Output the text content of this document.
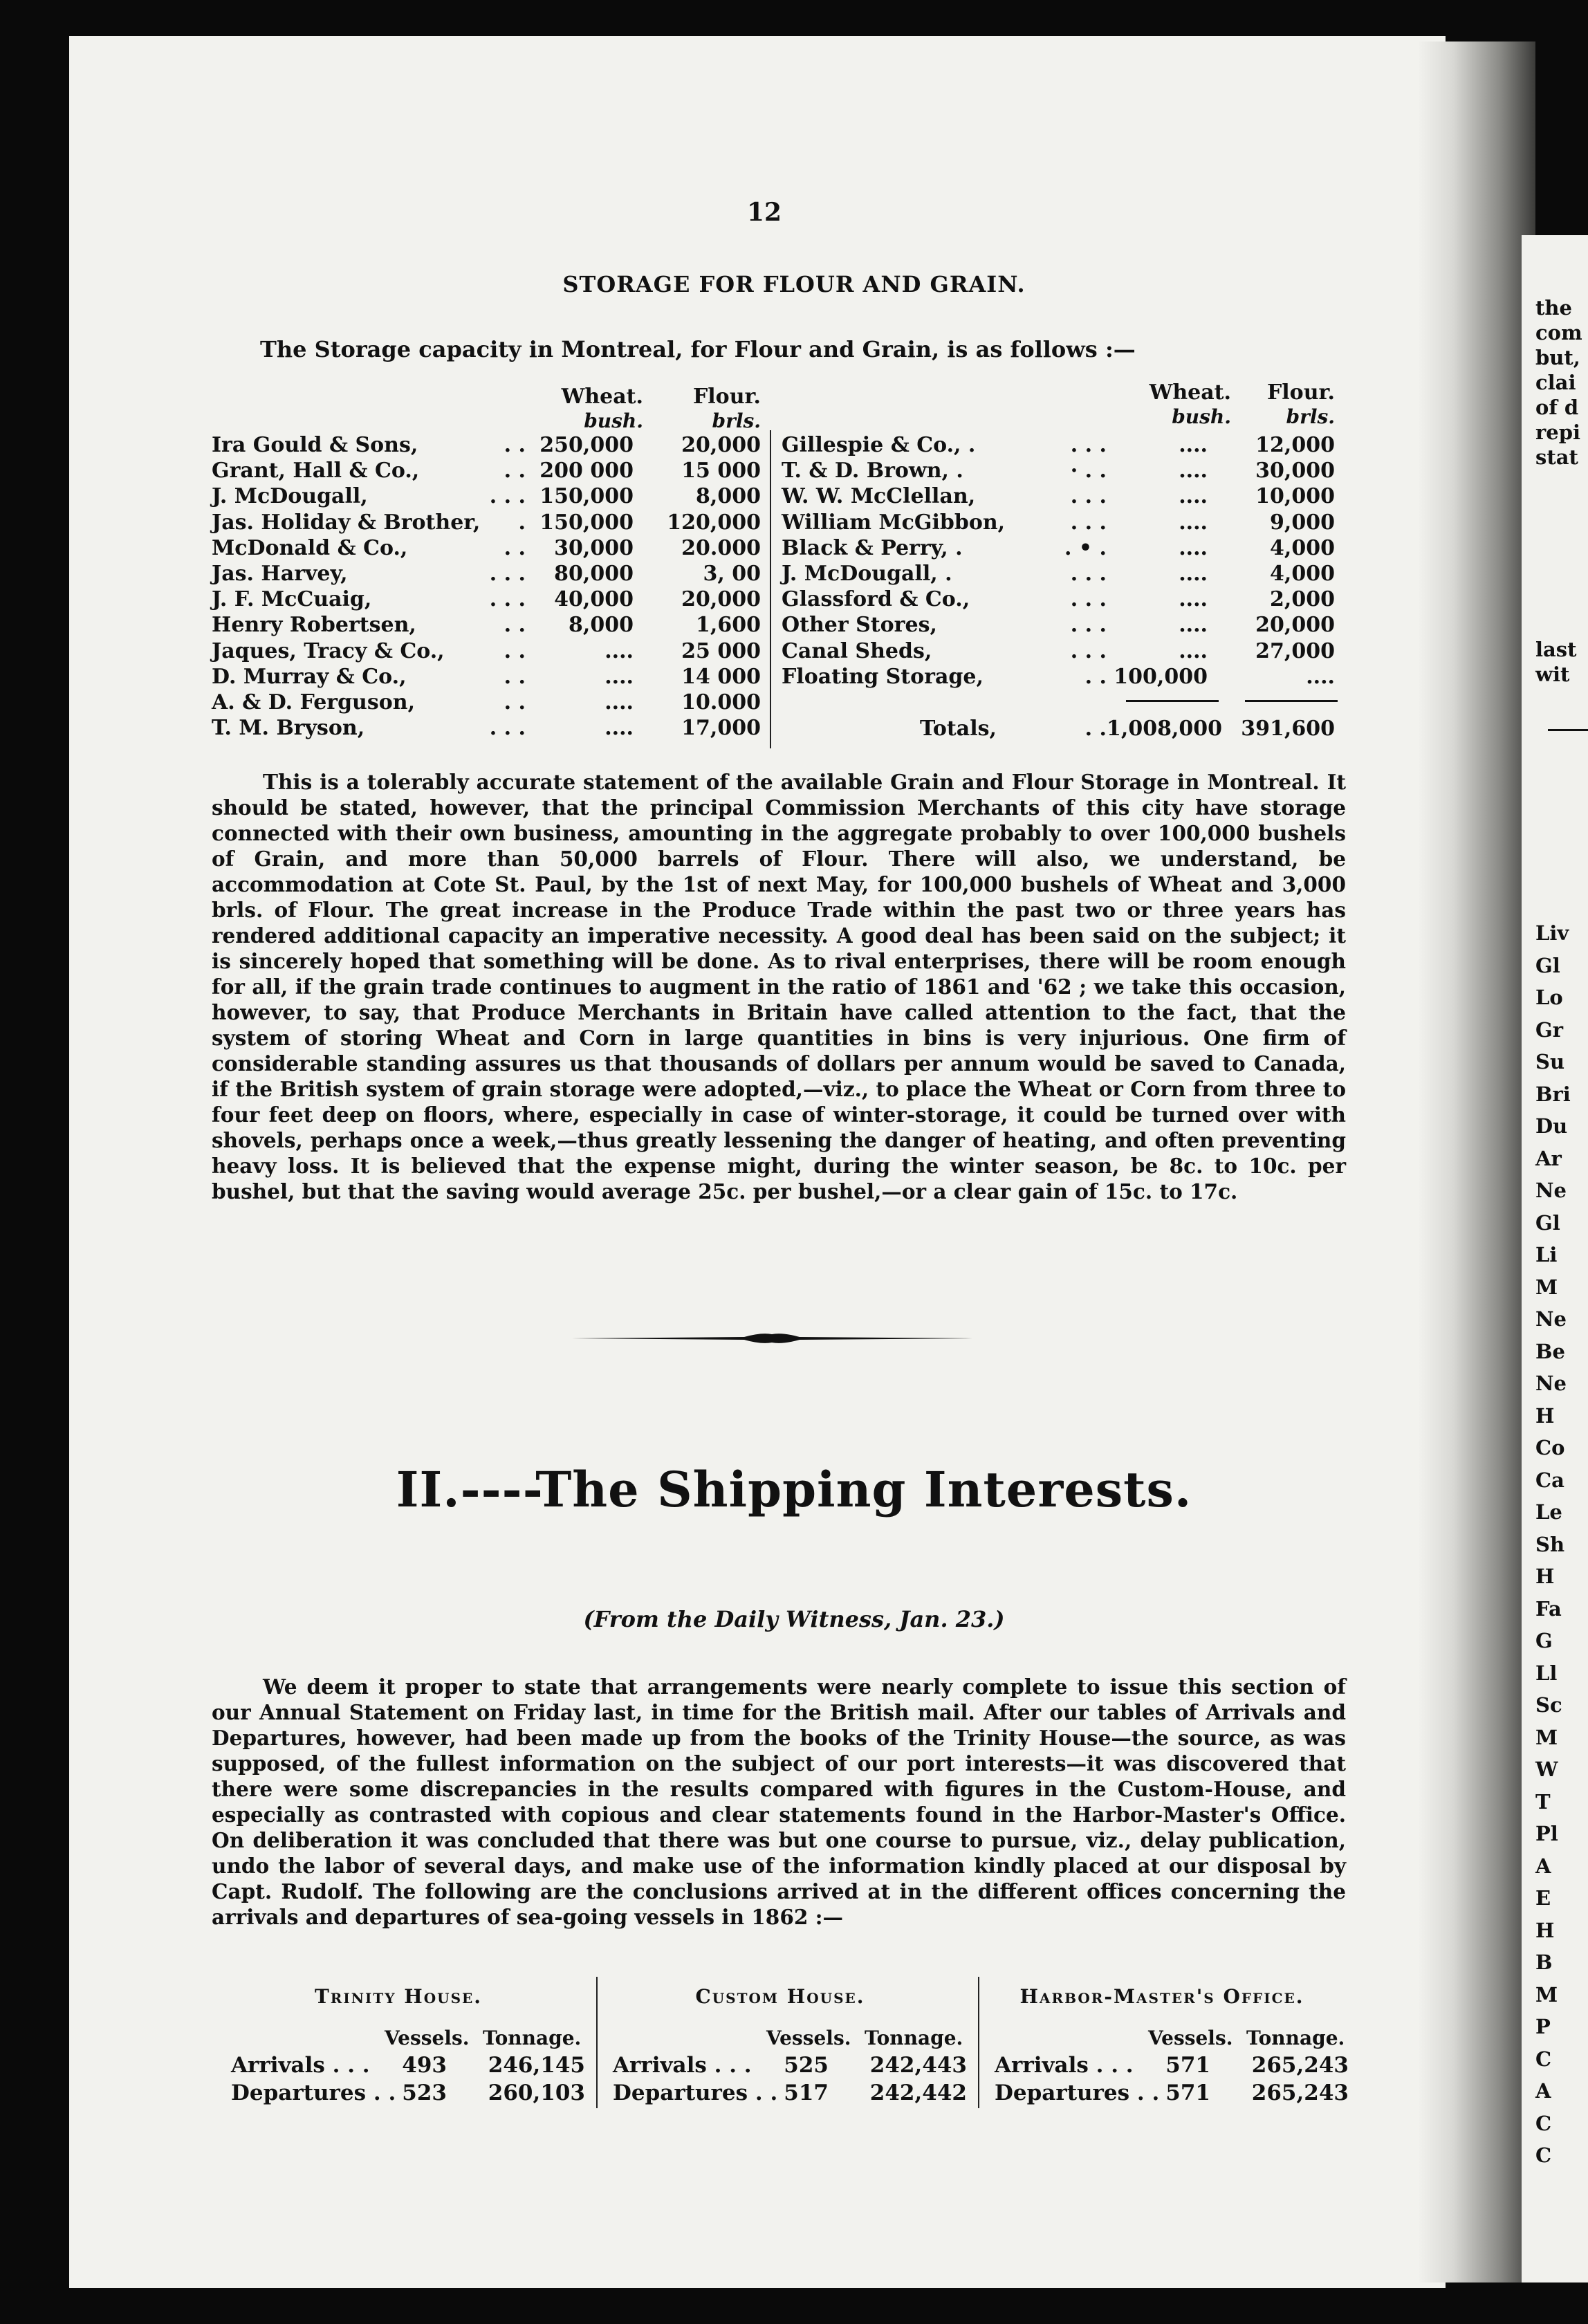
12
STORAGE FOR FLOUR AND GRAIN.
The Storage capacity in Montreal, for Flour and Grain, is as follows :—
Wheat.
bush.
Flour.
brls.
Wheat.
bush.
Flour.
brls.
Ira Gould & Sons,	. . 250,000	20,000
Grant, Hall & Co.,	. . 200 000	15 000
J. McDougall,	. . . 150,000	8,000
Jas. Holiday & Brother,	. 150,000	120,000
McDonald & Co.,	. .	30,000	20.000
Jas. Harvey,	. . .	80,000	3, 00
J. F. McCuaig,	. . .	40,000	20,000
Henry Robertsen,	. .	8,000	1,600
Jaques, Tracy & Co.,	. .	....	25 000
D. Murray & Co.,	. .	....	14 000
A. & D. Ferguson,	. .	....	10.000
T. M. Bryson,	. . .	....	17,000
Gillespie & Co., .	. . .	....	12,000
T. & D. Brown, .	· . .	....	30,000
W. W. McClellan,	. . .	....	10,000
William McGibbon,	. . .	....	9,000
Black & Perry, .	. • .	....	4,000
J. McDougall, .	. . .	....	4,000
Glassford & Co.,	. . .	....	2,000
Other Stores,	. . .	....	20,000
Canal Sheds,	. . .	....	27,000
Floating Storage,	. . 100,000	....
Totals,	. . 1,008,000 391,600

This is a tolerably accurate statement of the available Grain and Flour Storage in Montreal. It should be stated, however, that the principal Commission Merchants of this city have storage connected with their own business, amounting in the aggregate probably to over 100,000 bushels of Grain, and more than 50,000 barrels of Flour. There will also, we understand, be accommodation at Cote St. Paul, by the 1st of next May, for 100,000 bushels of Wheat and 3,000 brls. of Flour. The great increase in the Produce Trade within the past two or three years has rendered additional capacity an imperative necessity. A good deal has been said on the subject; it is sincerely hoped that something will be done. As to rival enterprises, there will be room enough for all, if the grain trade continues to augment in the ratio of 1861 and '62 ; we take this occasion, however, to say, that Produce Merchants in Britain have called attention to the fact, that the system of storing Wheat and Corn in large quantities in bins is very injurious. One firm of considerable standing assures us that thousands of dollars per annum would be saved to Canada, if the British system of grain storage were adopted,—viz., to place the Wheat or Corn from three to four feet deep on floors, where, especially in case of winter-storage, it could be turned over with shovels, perhaps once a week,—thus greatly lessening the danger of heating, and often preventing heavy loss. It is believed that the expense might, during the winter season, be 8c. to 10c. per bushel, but that the saving would average 25c. per bushel,—or a clear gain of 15c. to 17c.

II.----The Shipping Interests.
(From the Daily Witness, Jan. 23.)

We deem it proper to state that arrangements were nearly complete to issue this section of our Annual Statement on Friday last, in time for the British mail. After our tables of Arrivals and Departures, however, had been made up from the books of the Trinity House—the source, as was supposed, of the fullest information on the subject of our port interests—it was discovered that there were some discrepancies in the results compared with figures in the Custom-House, and especially as contrasted with copious and clear statements found in the Harbor-Master's Office. On deliberation it was concluded that there was but one course to pursue, viz., delay publication, undo the labor of several days, and make use of the information kindly placed at our disposal by Capt. Rudolf. The following are the conclusions arrived at in the different offices concerning the arrivals and departures of sea-going vessels in 1862 :—

Trinity House.
Vessels. Tonnage.
Arrivals . . .	493	246,145
Departures . . 523	260,103
Custom House.
Vessels. Tonnage.
Arrivals . . .	525	242,443
Departures . . 517	242,442
Harbor-Master's Office.
Vessels. Tonnage.
Arrivals . . .	571	265,243
Departures . . 571	265,243
the
com
but,
clai
of d
repi
stat
last
wit
Liv
Gl
Lo
Gr
Su
Bri
Du
Ar
Ne
Gl
Li
M
Ne
Be
Ne
H
Co
Ca
Le
Sh
H
Fa
G
Ll
Sc
M
W
T
Pl
A
E
H
B
M
P
C
A
C
C
